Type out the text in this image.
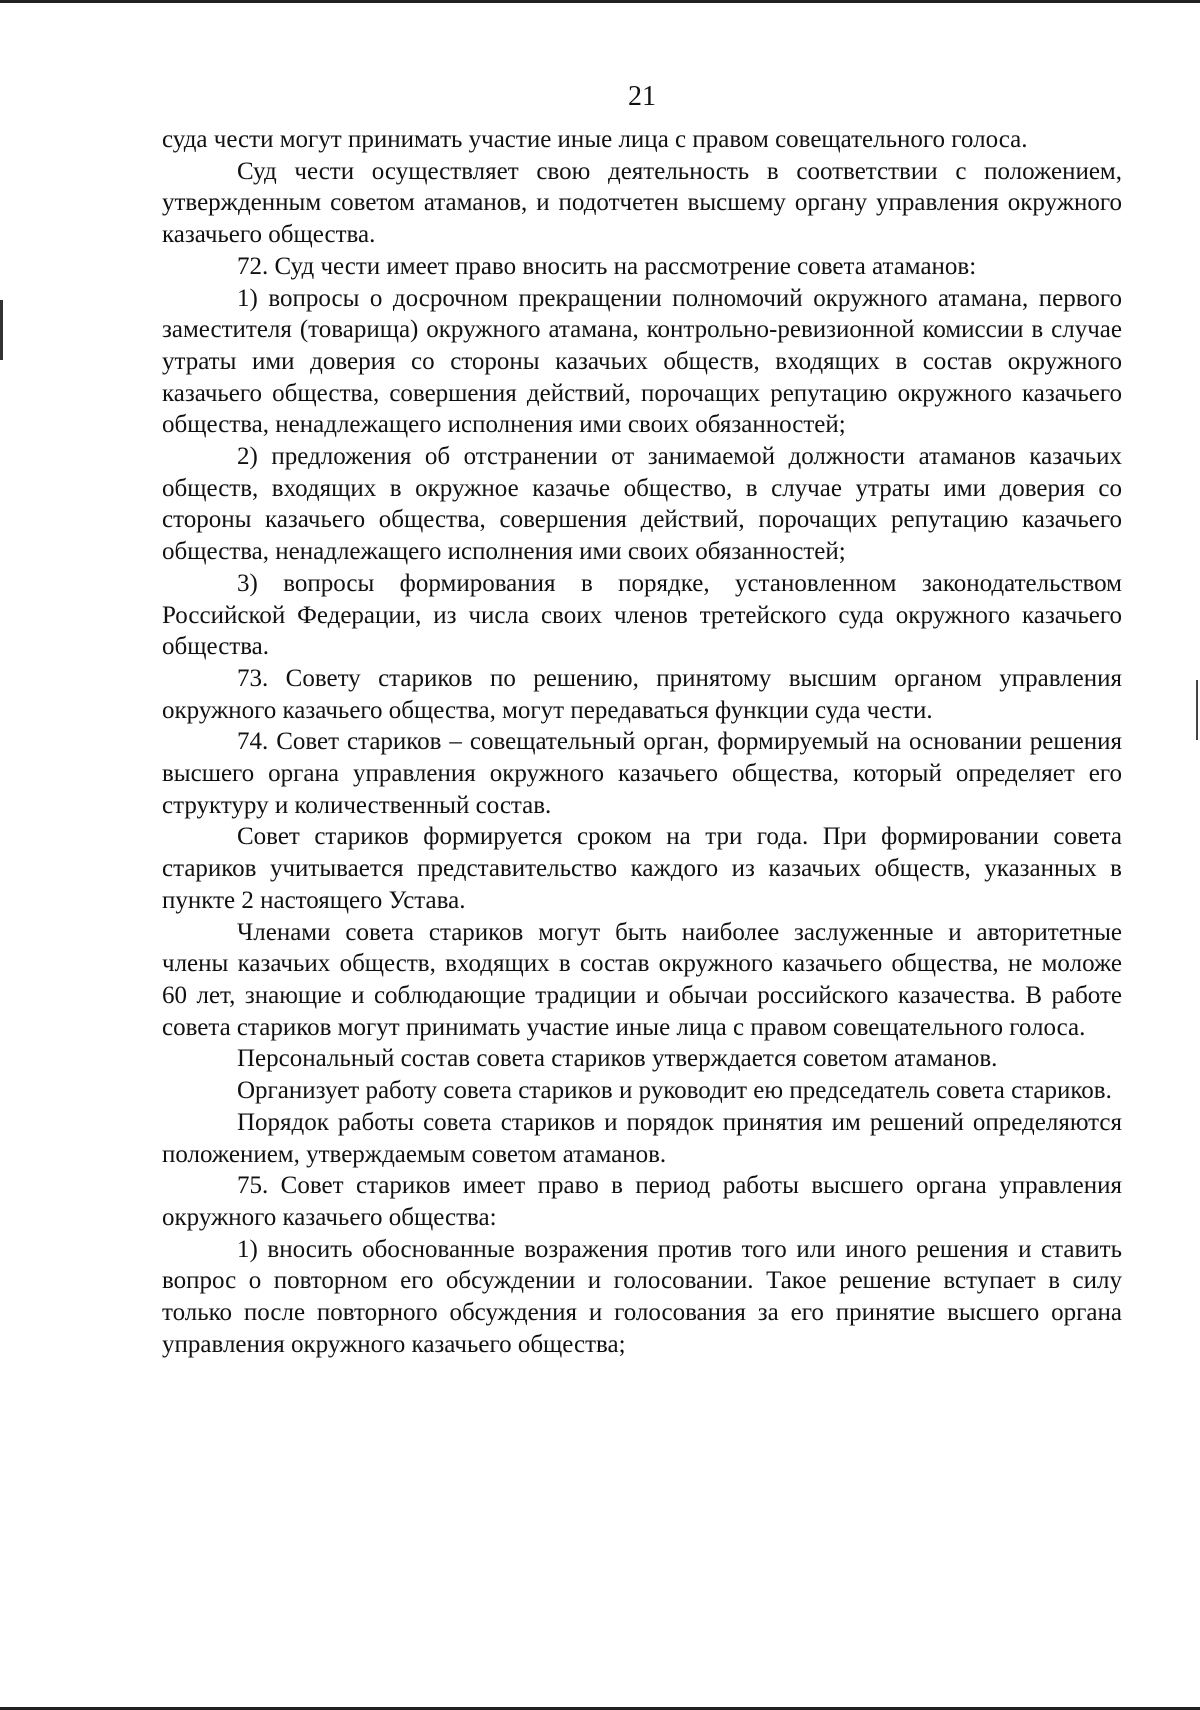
21

суда чести могут принимать участие иные лица с правом совещательного голоса.

Суд чести осуществляет свою деятельность в соответствии с положением, утвержденным советом атаманов, и подотчетен высшему органу управления окружного казачьего общества.

72. Суд чести имеет право вносить на рассмотрение совета атаманов:

1) вопросы о досрочном прекращении полномочий окружного атамана, первого заместителя (товарища) окружного атамана, контрольно-ревизионной комиссии в случае утраты ими доверия со стороны казачьих обществ, входящих в состав окружного казачьего общества, совершения действий, порочащих репутацию окружного казачьего общества, ненадлежащего исполнения ими своих обязанностей;

2) предложения об отстранении от занимаемой должности атаманов казачьих обществ, входящих в окружное казачье общество, в случае утраты ими доверия со стороны казачьего общества, совершения действий, порочащих репутацию казачьего общества, ненадлежащего исполнения ими своих обязанностей;

3) вопросы формирования в порядке, установленном законодательством Российской Федерации, из числа своих членов третейского суда окружного казачьего общества.

73. Совету стариков по решению, принятому высшим органом управления окружного казачьего общества, могут передаваться функции суда чести.

74. Совет стариков – совещательный орган, формируемый на основании решения высшего органа управления окружного казачьего общества, который определяет его структуру и количественный состав.

Совет стариков формируется сроком на три года. При формировании совета стариков учитывается представительство каждого из казачьих обществ, указанных в пункте 2 настоящего Устава.

Членами совета стариков могут быть наиболее заслуженные и авторитетные члены казачьих обществ, входящих в состав окружного казачьего общества, не моложе 60 лет, знающие и соблюдающие традиции и обычаи российского казачества. В работе совета стариков могут принимать участие иные лица с правом совещательного голоса.

Персональный состав совета стариков утверждается советом атаманов.

Организует работу совета стариков и руководит ею председатель совета стариков.

Порядок работы совета стариков и порядок принятия им решений определяются положением, утверждаемым советом атаманов.

75. Совет стариков имеет право в период работы высшего органа управления окружного казачьего общества:

1) вносить обоснованные возражения против того или иного решения и ставить вопрос о повторном его обсуждении и голосовании. Такое решение вступает в силу только после повторного обсуждения и голосования за его принятие высшего органа управления окружного казачьего общества;
